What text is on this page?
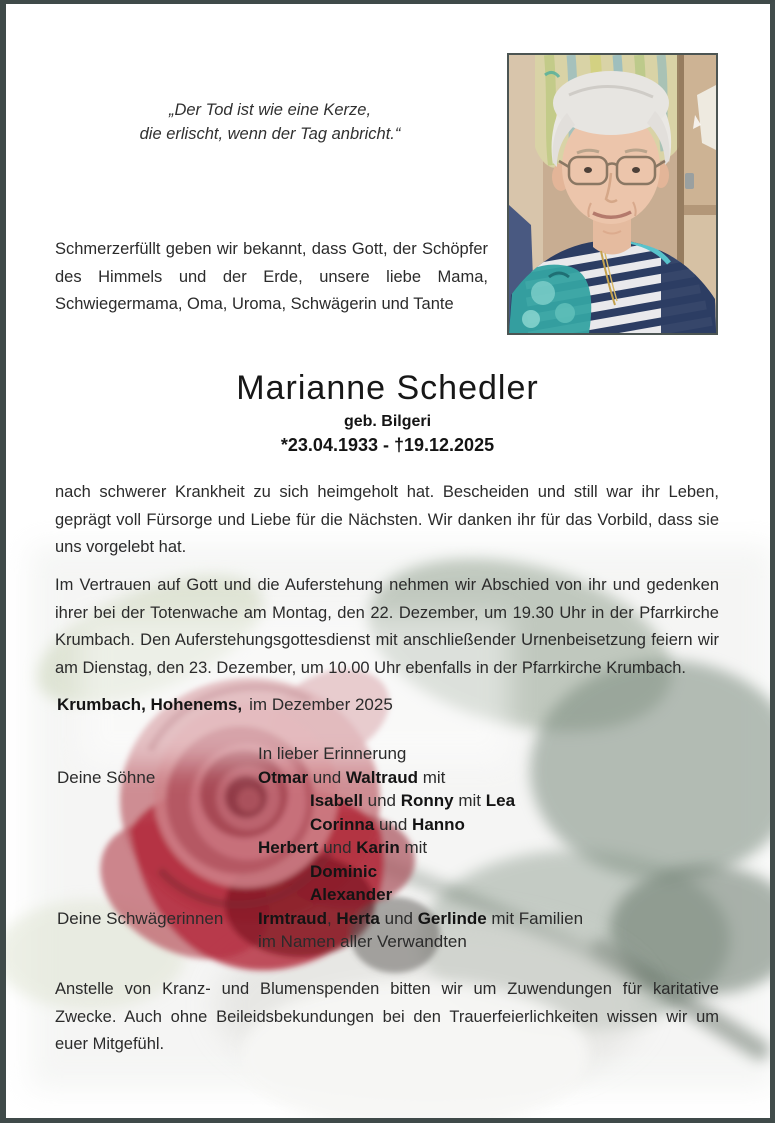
„Der Tod ist wie eine Kerze,
die erlischt, wenn der Tag anbricht.“

Schmerzerfüllt geben wir bekannt, dass Gott, der Schöpfer des Himmels und der Erde, unsere liebe Mama, Schwiegermama, Oma, Uroma, Schwägerin und Tante

Marianne Schedler
geb. Bilgeri
*23.04.1933 - †19.12.2025

nach schwerer Krankheit zu sich heimgeholt hat. Bescheiden und still war ihr Leben, geprägt voll Fürsorge und Liebe für die Nächsten. Wir danken ihr für das Vorbild, dass sie uns vorgelebt hat.

Im Vertrauen auf Gott und die Auferstehung nehmen wir Abschied von ihr und gedenken ihrer bei der Totenwache am Montag, den 22. Dezember, um 19.30 Uhr in der Pfarrkirche Krumbach. Den Auferstehungsgottesdienst mit anschließender Urnenbeisetzung feiern wir am Dienstag, den 23. Dezember, um 10.00 Uhr ebenfalls in der Pfarrkirche Krumbach.

Krumbach, Hohenems, im Dezember 2025
In lieber Erinnerung
Deine Söhne	Otmar und Waltraud mit
Isabell und Ronny mit Lea
Corinna und Hanno
Herbert und Karin mit
Dominic
Alexander
Deine Schwägerinnen	Irmtraud, Herta und Gerlinde mit Familien
im Namen aller Verwandten

Anstelle von Kranz- und Blumenspenden bitten wir um Zuwendungen für karitative Zwecke. Auch ohne Beileidsbekundungen bei den Trauerfeierlichkeiten wissen wir um euer Mitgefühl.
